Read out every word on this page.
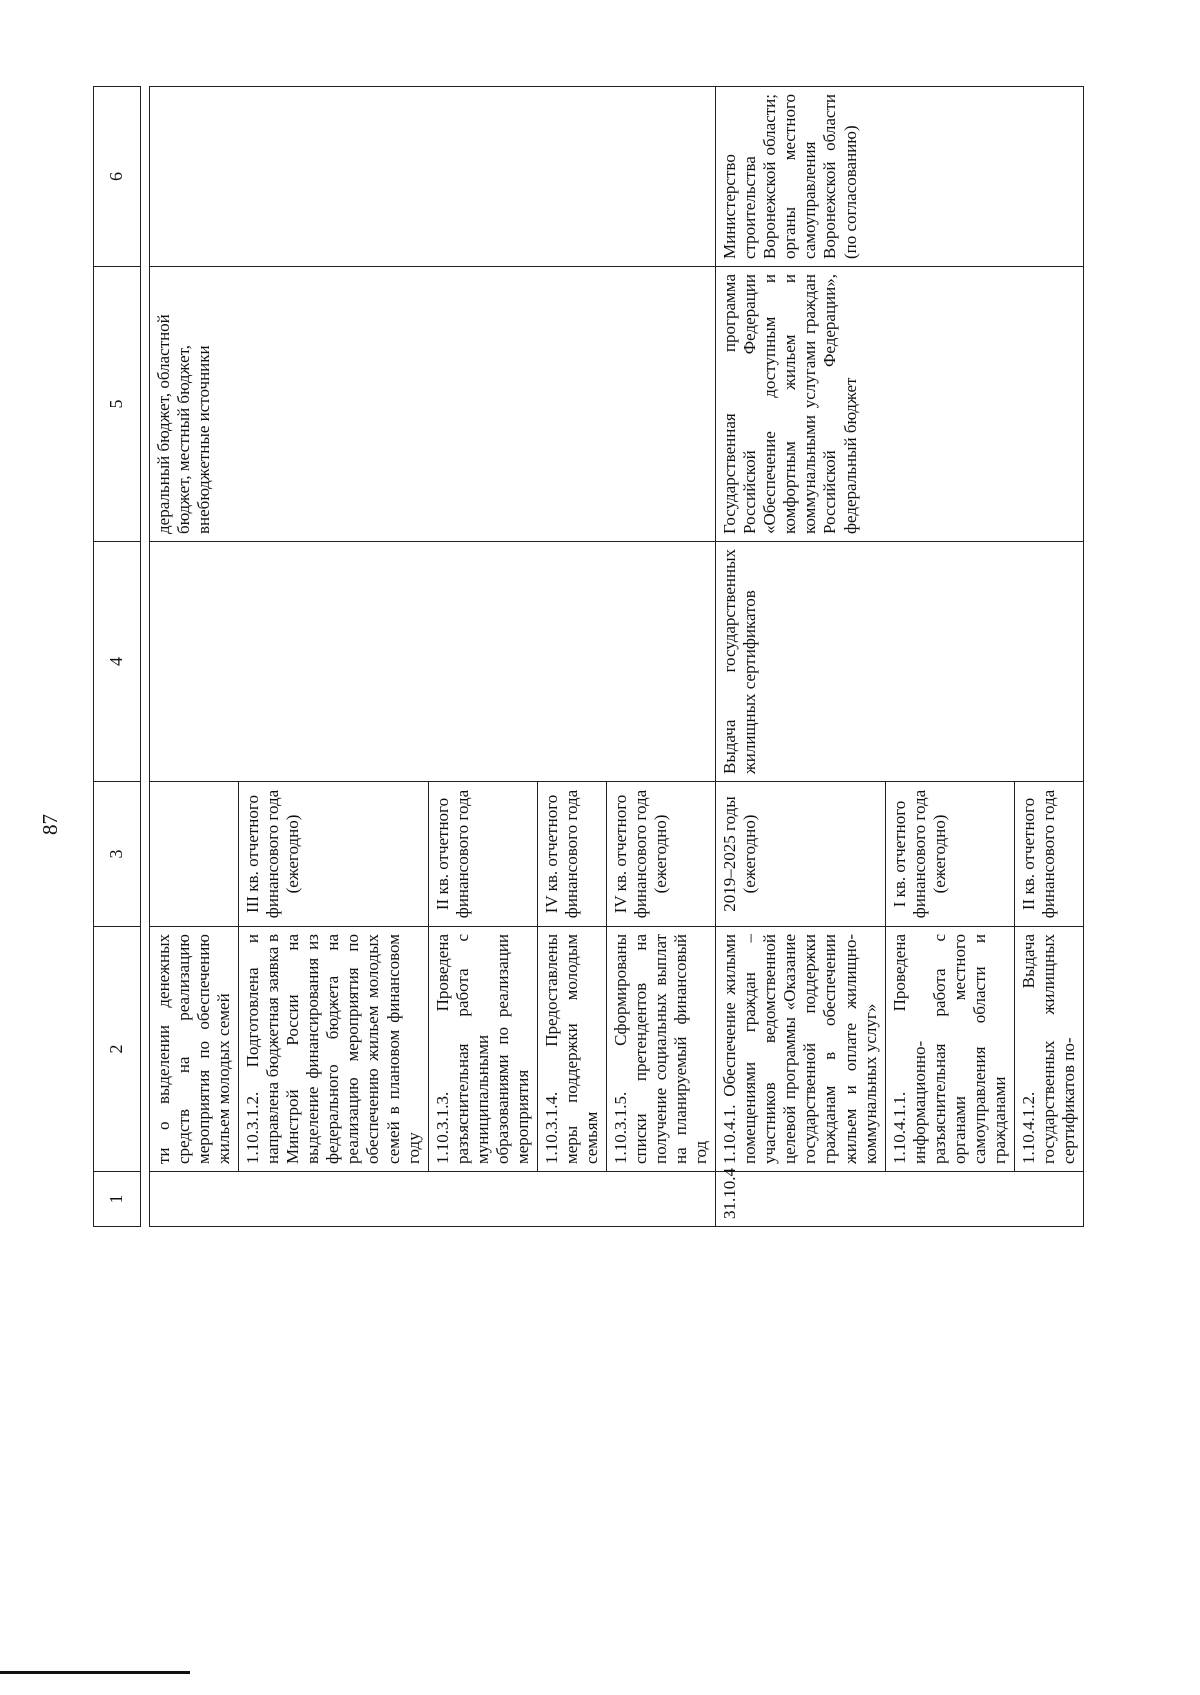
87
1	2	3	4	5	6

	ти о выделении денежных средств на реализацию мероприятия по обеспечению жильем молодых семей			деральный бюджет, областной бюджет, местный бюджет, внебюджетные источники	
	1.10.3.1.2. Подготовлена и направлена бюджетная заявка в Минстрой России на выделение финансирования из федерального бюджета на реализацию мероприятия по обеспечению жильем молодых семей в плановом финансовом году	III кв. отчетного финансового года (ежегодно)			
	1.10.3.1.3. Проведена разъяснительная работа с муниципальными образованиями по реализации мероприятия	II кв. отчетного финансового года			
	1.10.3.1.4. Предоставлены меры поддержки молодым семьям	IV кв. отчетного финансового года			
	1.10.3.1.5. Сформированы списки претендентов на получение социальных выплат на планируемый финансовый год	IV кв. отчетного финансового года (ежегодно)			
31.10.4	1.10.4.1. Обеспечение жилыми помещениями граждан – участников ведомственной целевой программы «Оказание государственной поддержки гражданам в обеспечении жильем и оплате жилищно-коммунальных услуг»	2019–2025 годы (ежегодно)	Выдача государственных жилищных сертификатов	Государственная программа Российской Федерации «Обеспечение доступным и комфортным жильем и коммунальными услугами граждан Российской Федерации», федеральный бюджет	Министерство строительства Воронежской области; органы местного самоуправления Воронежской области (по согласованию)
	1.10.4.1.1. Проведена информационно-разъяснительная работа с органами местного самоуправления области и гражданами	I кв. отчетного финансового года (ежегодно)			
	1.10.4.1.2. Выдача государственных жилищных сертификатов по-	II кв. отчетного финансового года			
